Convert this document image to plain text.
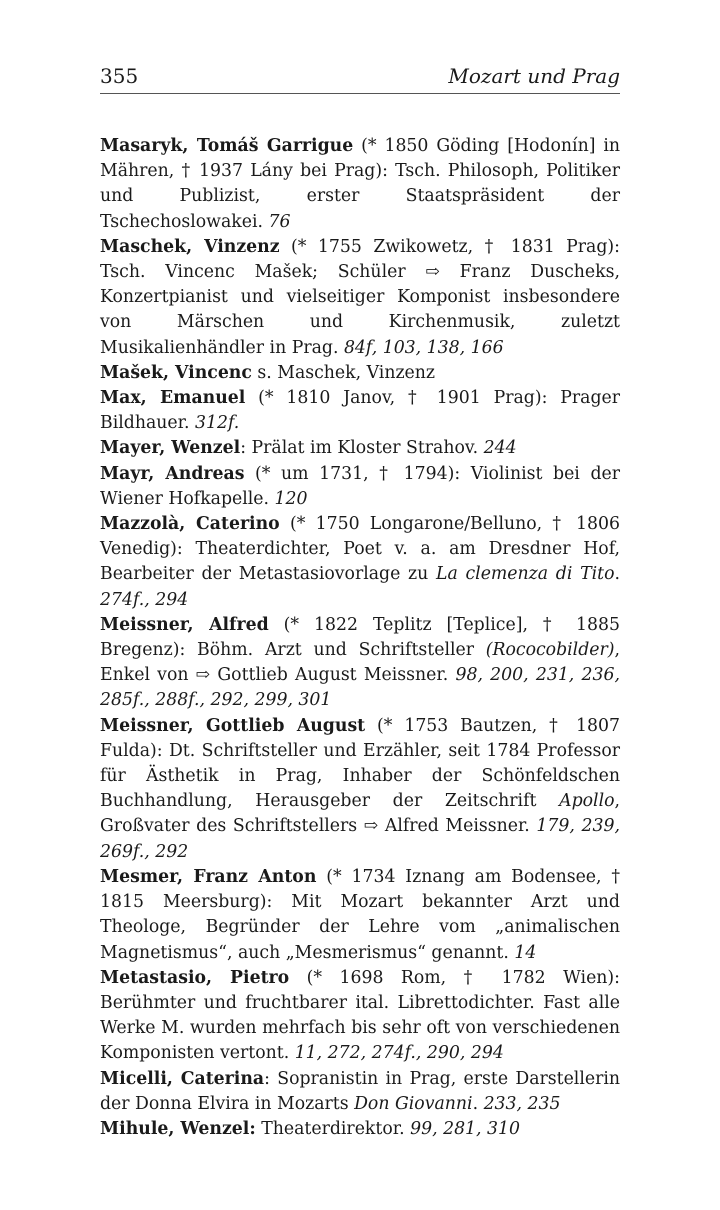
355	Mozart und Prag

Masaryk, Tomáš Garrigue (* 1850 Göding [Hodonín] in Mähren, † 1937 Lány bei Prag): Tsch. Philosoph, Politiker und Publizist, erster Staatspräsident der Tschechoslowakei. 76

Maschek, Vinzenz (* 1755 Zwikowetz, † 1831 Prag): Tsch. Vincenc Mašek; Schüler ⇨ Franz Duscheks, Konzertpianist und vielseitiger Komponist insbesondere von Märschen und Kirchenmusik, zuletzt Musikalienhändler in Prag. 84f, 103, 138, 166

Mašek, Vincenc s. Maschek, Vinzenz

Max, Emanuel (* 1810 Janov, † 1901 Prag): Prager Bildhauer. 312f.

Mayer, Wenzel: Prälat im Kloster Strahov. 244

Mayr, Andreas (* um 1731, † 1794): Violinist bei der Wiener Hofkapelle. 120

Mazzolà, Caterino (* 1750 Longarone/Belluno, † 1806 Venedig): Theaterdichter, Poet v. a. am Dresdner Hof, Bearbeiter der Metastasiovorlage zu La clemenza di Tito. 274f., 294

Meissner, Alfred (* 1822 Teplitz [Teplice], † 1885 Bregenz): Böhm. Arzt und Schriftsteller (Rococobilder), Enkel von ⇨ Gottlieb August Meissner. 98, 200, 231, 236, 285f., 288f., 292, 299, 301

Meissner, Gottlieb August (* 1753 Bautzen, † 1807 Fulda): Dt. Schriftsteller und Erzähler, seit 1784 Professor für Ästhetik in Prag, Inhaber der Schönfeldschen Buchhandlung, Herausgeber der Zeitschrift Apollo, Großvater des Schriftstellers ⇨ Alfred Meissner. 179, 239, 269f., 292

Mesmer, Franz Anton (* 1734 Iznang am Bodensee, † 1815 Meersburg): Mit Mozart bekannter Arzt und Theologe, Begründer der Lehre vom „animalischen Magnetismus“, auch „Mesmerismus“ genannt. 14

Metastasio, Pietro (* 1698 Rom, † 1782 Wien): Berühmter und fruchtbarer ital. Librettodichter. Fast alle Werke M. wurden mehrfach bis sehr oft von verschiedenen Komponisten vertont. 11, 272, 274f., 290, 294

Micelli, Caterina: Sopranistin in Prag, erste Darstellerin der Donna Elvira in Mozarts Don Giovanni. 233, 235

Mihule, Wenzel: Theaterdirektor. 99, 281, 310
